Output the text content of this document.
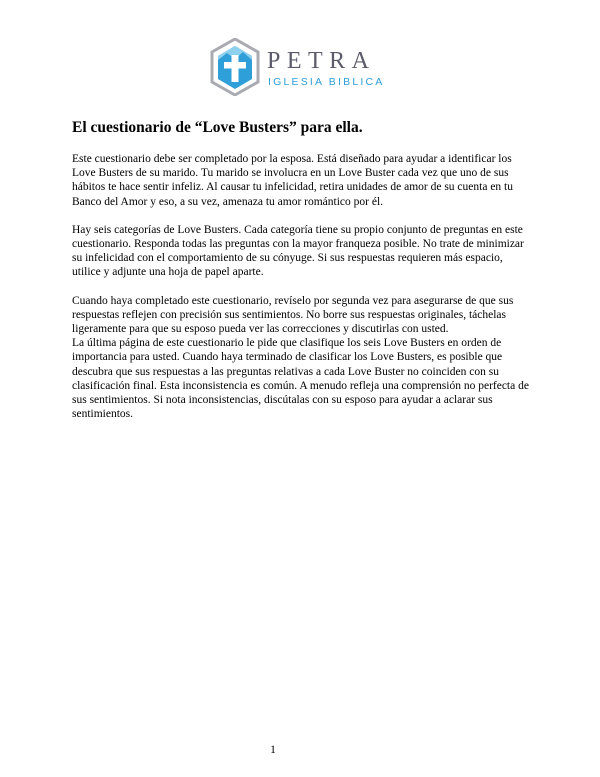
PETRA
IGLESIA BIBLICA
El cuestionario de “Love Busters” para ella.

Este cuestionario debe ser completado por la esposa. Está diseñado para ayudar a identificar los Love Busters de su marido. Tu marido se involucra en un Love Buster cada vez que uno de sus hábitos te hace sentir infeliz. Al causar tu infelicidad, retira unidades de amor de su cuenta en tu Banco del Amor y eso, a su vez, amenaza tu amor romántico por él.

Hay seis categorías de Love Busters. Cada categoría tiene su propio conjunto de preguntas en este cuestionario. Responda todas las preguntas con la mayor franqueza posible. No trate de minimizar su infelicidad con el comportamiento de su cónyuge. Si sus respuestas requieren más espacio, utilice y adjunte una hoja de papel aparte.

Cuando haya completado este cuestionario, revíselo por segunda vez para asegurarse de que sus respuestas reflejen con precisión sus sentimientos. No borre sus respuestas originales, táchelas ligeramente para que su esposo pueda ver las correcciones y discutirlas con usted.

La última página de este cuestionario le pide que clasifique los seis Love Busters en orden de importancia para usted. Cuando haya terminado de clasificar los Love Busters, es posible que descubra que sus respuestas a las preguntas relativas a cada Love Buster no coinciden con su clasificación final. Esta inconsistencia es común. A menudo refleja una comprensión no perfecta de sus sentimientos. Si nota inconsistencias, discútalas con su esposo para ayudar a aclarar sus sentimientos.

1
